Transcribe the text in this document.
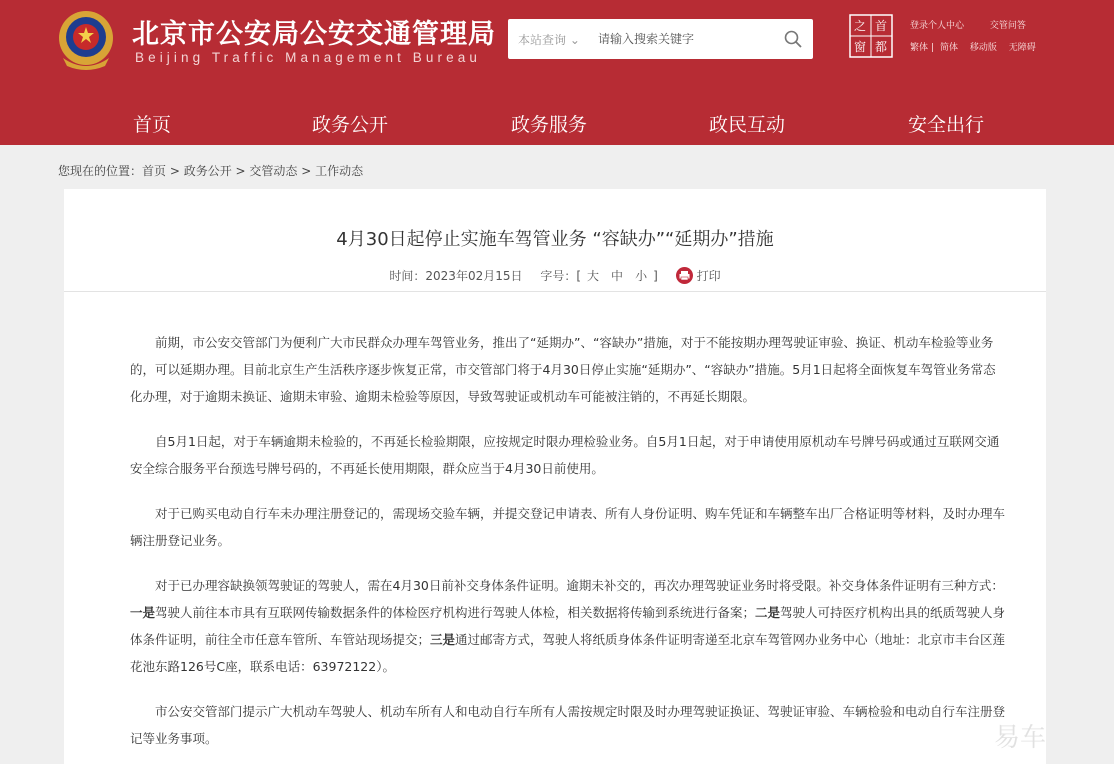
北京市公安局公安交通管理局
Beijing Traffic Management Bureau
本站查询 ⌄
请输入搜索关键字
之 首
窗 都
登录个人中心	交管问答
繁体 | 简体 移动版 无障碍
首页	政务公开	政务服务	政民互动	安全出行
您现在的位置：首页 > 政务公开 > 交管动态 > 工作动态
4月30日起停止实施车驾管业务 “容缺办”“延期办”措施
时间：2023年02月15日 字号：[ 大 中 小 ]	打印

前期，市公安交管部门为便利广大市民群众办理车驾管业务，推出了“延期办”、“容缺办”措施，对于不能按期办理驾驶证审验、换证、机动车检验等业务的，可以延期办理。目前北京生产生活秩序逐步恢复正常，市交管部门将于4月30日停止实施“延期办”、“容缺办”措施。5月1日起将全面恢复车驾管业务常态化办理，对于逾期未换证、逾期未审验、逾期未检验等原因，导致驾驶证或机动车可能被注销的，不再延长期限。

自5月1日起，对于车辆逾期未检验的，不再延长检验期限，应按规定时限办理检验业务。自5月1日起，对于申请使用原机动车号牌号码或通过互联网交通安全综合服务平台预选号牌号码的，不再延长使用期限，群众应当于4月30日前使用。

对于已购买电动自行车未办理注册登记的，需现场交验车辆，并提交登记申请表、所有人身份证明、购车凭证和车辆整车出厂合格证明等材料，及时办理车辆注册登记业务。

对于已办理容缺换领驾驶证的驾驶人，需在4月30日前补交身体条件证明。逾期未补交的，再次办理驾驶证业务时将受限。补交身体条件证明有三种方式：一是驾驶人前往本市具有互联网传输数据条件的体检医疗机构进行驾驶人体检，相关数据将传输到系统进行备案；二是驾驶人可持医疗机构出具的纸质驾驶人身体条件证明，前往全市任意车管所、车管站现场提交；三是通过邮寄方式，驾驶人将纸质身体条件证明寄递至北京车驾管网办业务中心（地址：北京市丰台区莲花池东路126号C座，联系电话：63972122）。

市公安交管部门提示广大机动车驾驶人、机动车所有人和电动自行车所有人需按规定时限及时办理驾驶证换证、驾驶证审验、车辆检验和电动自行车注册登记等业务事项。	易车
